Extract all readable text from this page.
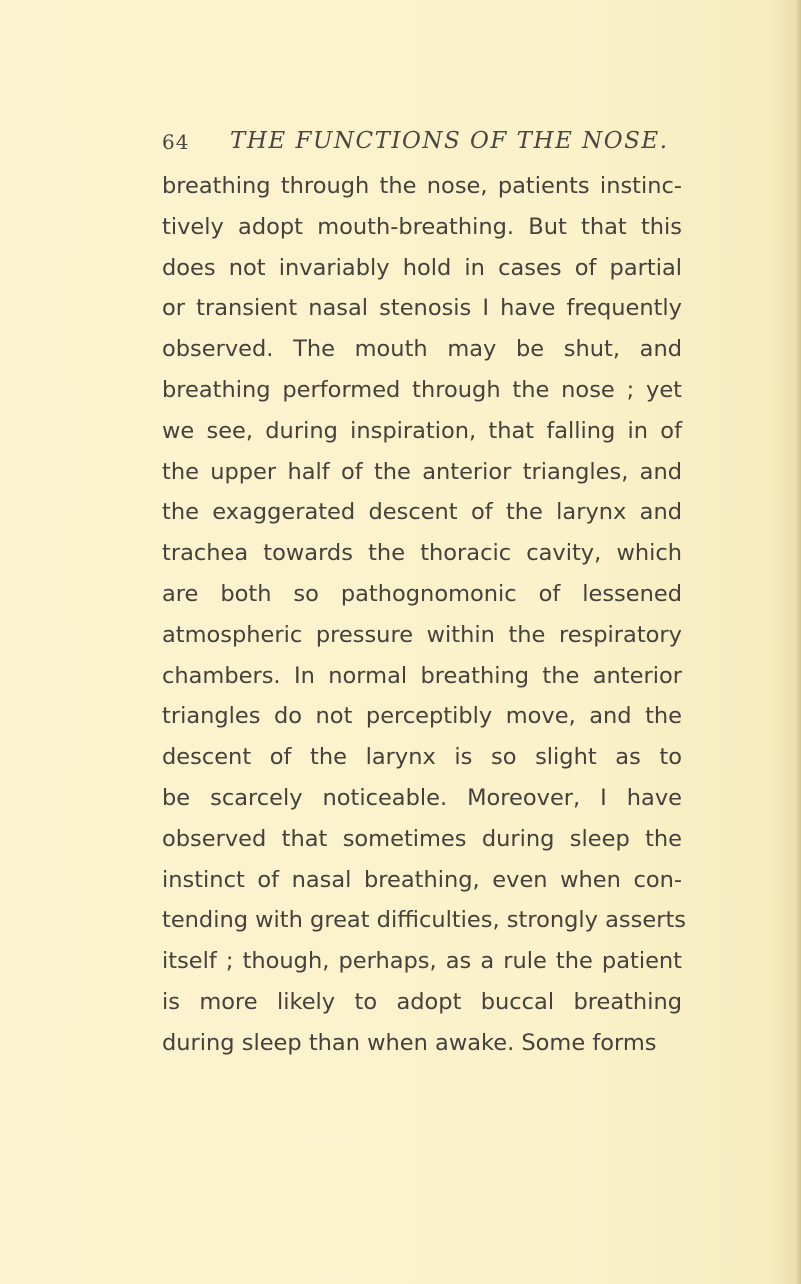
64 THE FUNCTIONS OF THE NOSE.
breathing through the nose, patients instinc-
tively adopt mouth-breathing. But that this
does not invariably hold in cases of partial
or transient nasal stenosis I have frequently
observed. The mouth may be shut, and
breathing performed through the nose ; yet
we see, during inspiration, that falling in of
the upper half of the anterior triangles, and
the exaggerated descent of the larynx and
trachea towards the thoracic cavity, which
are both so pathognomonic of lessened
atmospheric pressure within the respiratory
chambers. In normal breathing the anterior
triangles do not perceptibly move, and the
descent of the larynx is so slight as to
be scarcely noticeable. Moreover, I have
observed that sometimes during sleep the
instinct of nasal breathing, even when con-
tending with great difficulties, strongly asserts
itself ; though, perhaps, as a rule the patient
is more likely to adopt buccal breathing
during sleep than when awake. Some forms
